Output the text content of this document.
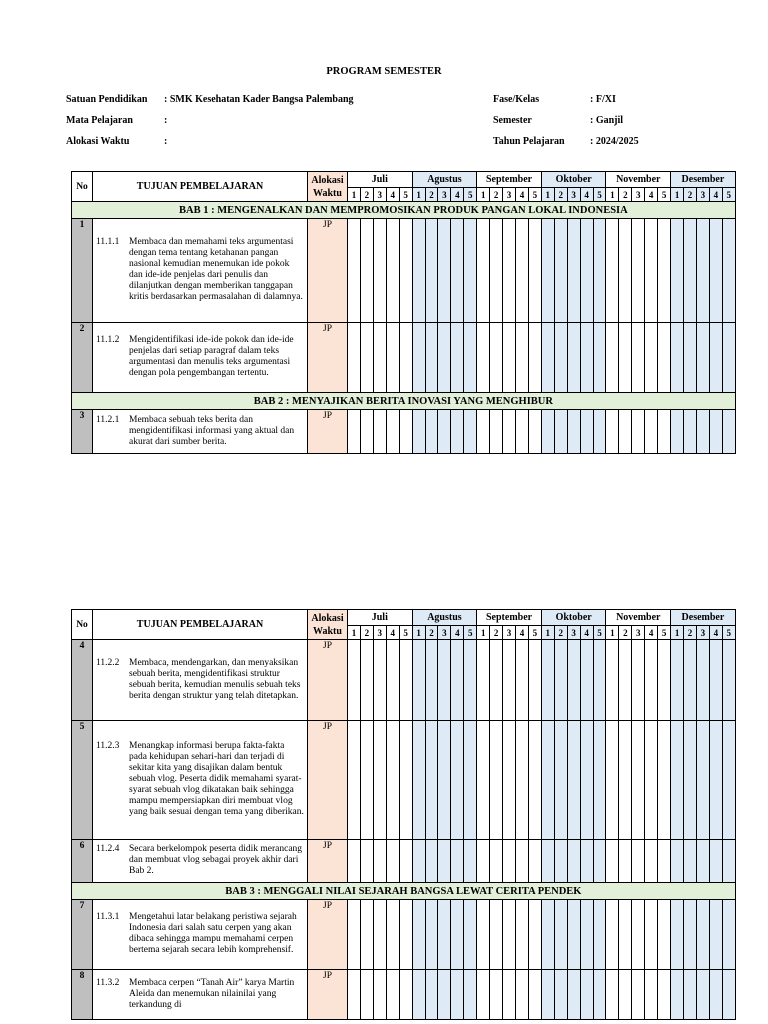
PROGRAM SEMESTER
Satuan Pendidikan : SMK Kesehatan Kader Bangsa Palembang
Mata Pelajaran	:
Alokasi Waktu	:
Fase/Kelas	: F/XI
Semester	: Ganjil
Tahun Pelajaran	: 2024/2025
No	TUJUAN PEMBELAJARAN	Alokasi
Waktu	Juli					Agustus					September					Oktober					November					Desember				
			1	2	3	4	5	1	2	3	4	5	1	2	3	4	5	1	2	3	4	5	1	2	3	4	5	1	2	3	4	5
BAB 1 : MENGENALKAN DAN MEMPROMOSIKAN PRODUK PANGAN LOKAL INDONESIA																																
1	11.1.1 Membaca dan memahami teks argumentasi dengan tema tentang ketahanan pangan nasional kemudian menemukan ide pokok dan ide-ide penjelas dari penulis dan dilanjutkan dengan memberikan tanggapan kritis berdasarkan permasalahan di dalamnya.	JP																														

2	11.1.2 Mengidentifikasi ide-ide pokok dan ide-ide penjelas dari setiap paragraf dalam teks argumentasi dan menulis teks argumentasi dengan pola pengembangan tertentu.	JP																														

BAB 2 : MENYAJIKAN BERITA INOVASI YANG MENGHIBUR																																
3	11.2.1 Membaca sebuah teks berita dan mengidentifikasi informasi yang aktual dan akurat dari sumber berita.	JP																														

No	TUJUAN PEMBELAJARAN	Alokasi
Waktu	Juli					Agustus					September					Oktober					November					Desember				
			1	2	3	4	5	1	2	3	4	5	1	2	3	4	5	1	2	3	4	5	1	2	3	4	5	1	2	3	4	5
4	11.2.2 Membaca, mendengarkan, dan menyaksikan sebuah berita, mengidentifikasi struktur sebuah berita, kemudian menulis sebuah teks berita dengan struktur yang telah ditetapkan.	JP																														

5	11.2.3 Menangkap informasi berupa fakta-fakta pada kehidupan sehari-hari dan terjadi di sekitar kita yang disajikan dalam bentuk sebuah vlog. Peserta didik memahami syarat-syarat sebuah vlog dikatakan baik sehingga mampu mempersiapkan diri membuat vlog yang baik sesuai dengan tema yang diberikan.	JP																														

6	11.2.4 Secara berkelompok peserta didik merancang dan membuat vlog sebagai proyek akhir dari Bab 2.	JP																														

BAB 3 : MENGGALI NILAI SEJARAH BANGSA LEWAT CERITA PENDEK																																
7	11.3.1 Mengetahui latar belakang peristiwa sejarah Indonesia dari salah satu cerpen yang akan dibaca sehingga mampu memahami cerpen bertema sejarah secara lebih komprehensif.	JP																														

8	11.3.2 Membaca cerpen “Tanah Air” karya Martin Aleida dan menemukan nilainilai yang terkandung di	JP																														
